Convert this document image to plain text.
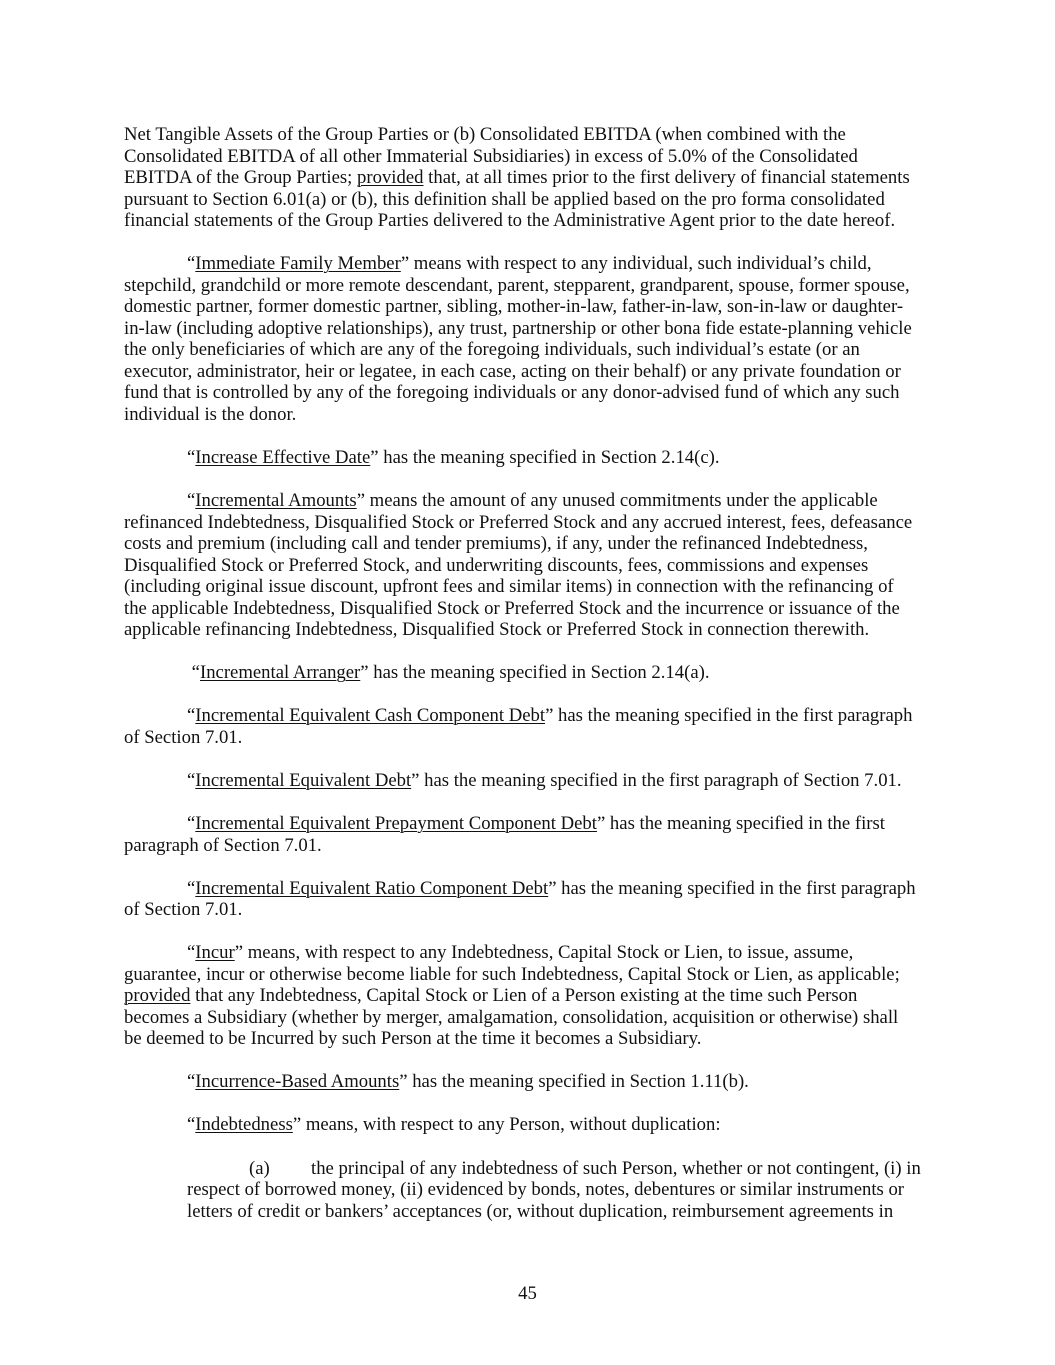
Net Tangible Assets of the Group Parties or (b) Consolidated EBITDA (when combined with the
Consolidated EBITDA of all other Immaterial Subsidiaries) in excess of 5.0% of the Consolidated
EBITDA of the Group Parties; provided that, at all times prior to the first delivery of financial statements
pursuant to Section 6.01(a) or (b), this definition shall be applied based on the pro forma consolidated
financial statements of the Group Parties delivered to the Administrative Agent prior to the date hereof.

“Immediate Family Member” means with respect to any individual, such individual’s child,
stepchild, grandchild or more remote descendant, parent, stepparent, grandparent, spouse, former spouse,
domestic partner, former domestic partner, sibling, mother-in-law, father-in-law, son-in-law or daughter-
in-law (including adoptive relationships), any trust, partnership or other bona fide estate-planning vehicle
the only beneficiaries of which are any of the foregoing individuals, such individual’s estate (or an
executor, administrator, heir or legatee, in each case, acting on their behalf) or any private foundation or
fund that is controlled by any of the foregoing individuals or any donor-advised fund of which any such
individual is the donor.

“Increase Effective Date” has the meaning specified in Section 2.14(c).

“Incremental Amounts” means the amount of any unused commitments under the applicable
refinanced Indebtedness, Disqualified Stock or Preferred Stock and any accrued interest, fees, defeasance
costs and premium (including call and tender premiums), if any, under the refinanced Indebtedness,
Disqualified Stock or Preferred Stock, and underwriting discounts, fees, commissions and expenses
(including original issue discount, upfront fees and similar items) in connection with the refinancing of
the applicable Indebtedness, Disqualified Stock or Preferred Stock and the incurrence or issuance of the
applicable refinancing Indebtedness, Disqualified Stock or Preferred Stock in connection therewith.

“Incremental Arranger” has the meaning specified in Section 2.14(a).

“Incremental Equivalent Cash Component Debt” has the meaning specified in the first paragraph
of Section 7.01.

“Incremental Equivalent Debt” has the meaning specified in the first paragraph of Section 7.01.

“Incremental Equivalent Prepayment Component Debt” has the meaning specified in the first
paragraph of Section 7.01.

“Incremental Equivalent Ratio Component Debt” has the meaning specified in the first paragraph
of Section 7.01.

“Incur” means, with respect to any Indebtedness, Capital Stock or Lien, to issue, assume,
guarantee, incur or otherwise become liable for such Indebtedness, Capital Stock or Lien, as applicable;
provided that any Indebtedness, Capital Stock or Lien of a Person existing at the time such Person
becomes a Subsidiary (whether by merger, amalgamation, consolidation, acquisition or otherwise) shall
be deemed to be Incurred by such Person at the time it becomes a Subsidiary.

“Incurrence-Based Amounts” has the meaning specified in Section 1.11(b).

“Indebtedness” means, with respect to any Person, without duplication:

(a) the principal of any indebtedness of such Person, whether or not contingent, (i) in
respect of borrowed money, (ii) evidenced by bonds, notes, debentures or similar instruments or
letters of credit or bankers’ acceptances (or, without duplication, reimbursement agreements in

45
